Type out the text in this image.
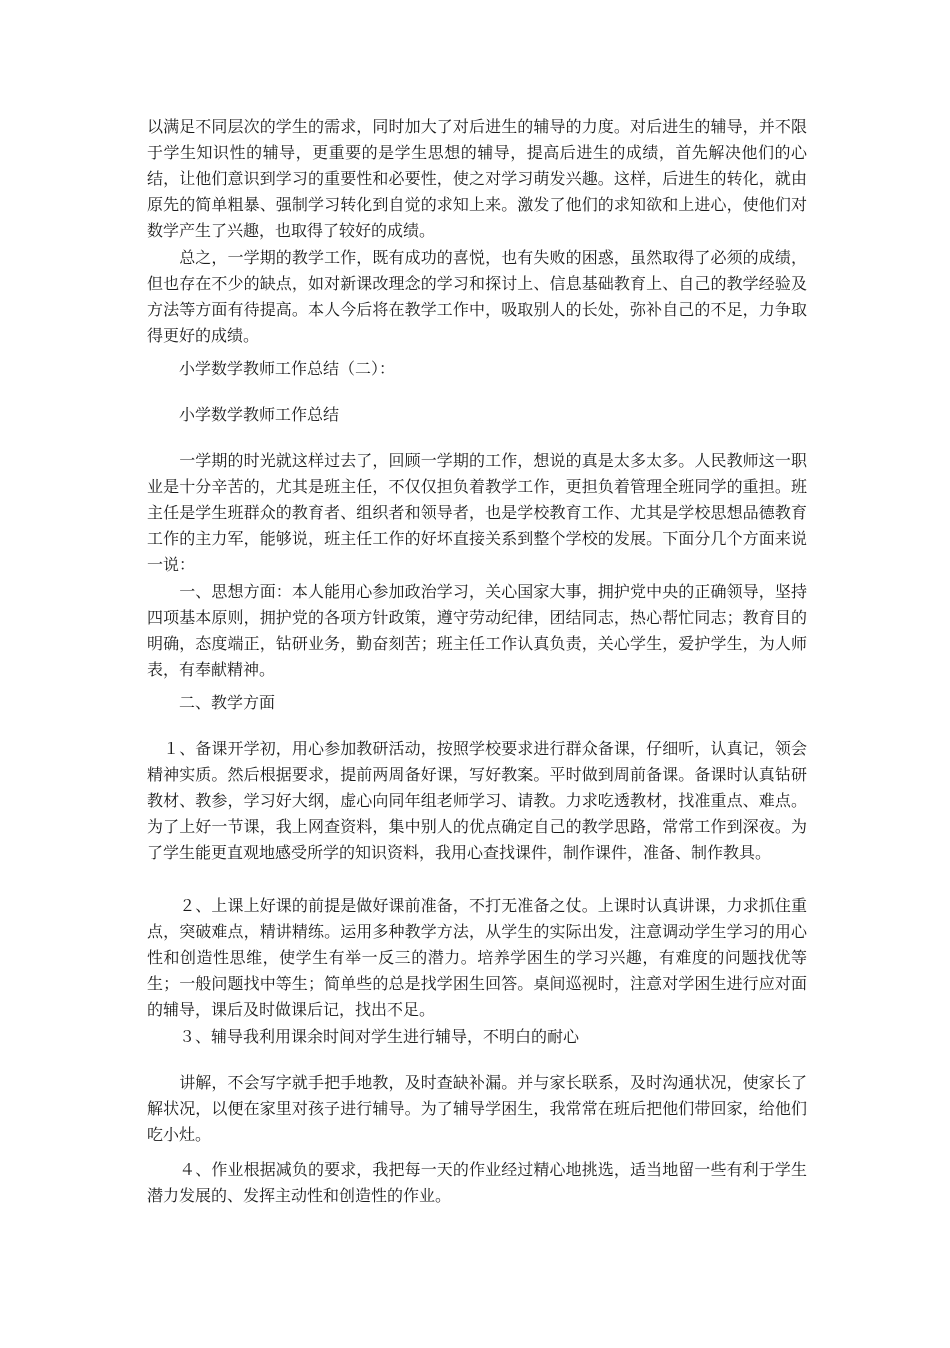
以满足不同层次的学生的需求，同时加大了对后进生的辅导的力度。对后进生的辅导，并不限于学生知识性的辅导，更重要的是学生思想的辅导，提高后进生的成绩，首先解决他们的心结，让他们意识到学习的重要性和必要性，使之对学习萌发兴趣。这样，后进生的转化，就由原先的简单粗暴、强制学习转化到自觉的求知上来。激发了他们的求知欲和上进心，使他们对数学产生了兴趣，也取得了较好的成绩。

　　总之，一学期的教学工作，既有成功的喜悦，也有失败的困惑，虽然取得了必须的成绩，但也存在不少的缺点，如对新课改理念的学习和探讨上、信息基础教育上、自己的教学经验及方法等方面有待提高。本人今后将在教学工作中，吸取别人的长处，弥补自己的不足，力争取得更好的成绩。

　　小学数学教师工作总结（二）：

　　小学数学教师工作总结

　　一学期的时光就这样过去了，回顾一学期的工作，想说的真是太多太多。人民教师这一职业是十分辛苦的，尤其是班主任，不仅仅担负着教学工作，更担负着管理全班同学的重担。班主任是学生班群众的教育者、组织者和领导者，也是学校教育工作、尤其是学校思想品德教育工作的主力军，能够说，班主任工作的好坏直接关系到整个学校的发展。下面分几个方面来说一说：

　　一、思想方面：本人能用心参加政治学习，关心国家大事，拥护党中央的正确领导，坚持四项基本原则，拥护党的各项方针政策，遵守劳动纪律，团结同志，热心帮忙同志；教育目的明确，态度端正，钻研业务，勤奋刻苦；班主任工作认真负责，关心学生，爱护学生，为人师表，有奉献精神。

　　二、教学方面

　１、备课开学初，用心参加教研活动，按照学校要求进行群众备课，仔细听，认真记，领会精神实质。然后根据要求，提前两周备好课，写好教案。平时做到周前备课。备课时认真钻研教材、教参，学习好大纲，虚心向同年组老师学习、请教。力求吃透教材，找准重点、难点。为了上好一节课，我上网查资料，集中别人的优点确定自己的教学思路，常常工作到深夜。为了学生能更直观地感受所学的知识资料，我用心查找课件，制作课件，准备、制作教具。

　　２、上课上好课的前提是做好课前准备，不打无准备之仗。上课时认真讲课，力求抓住重点，突破难点，精讲精练。运用多种教学方法，从学生的实际出发，注意调动学生学习的用心性和创造性思维，使学生有举一反三的潜力。培养学困生的学习兴趣，有难度的问题找优等生；一般问题找中等生；简单些的总是找学困生回答。桌间巡视时，注意对学困生进行应对面的辅导，课后及时做课后记，找出不足。

　　３、辅导我利用课余时间对学生进行辅导，不明白的耐心

　　讲解，不会写字就手把手地教，及时查缺补漏。并与家长联系，及时沟通状况，使家长了解状况，以便在家里对孩子进行辅导。为了辅导学困生，我常常在班后把他们带回家，给他们吃小灶。

　　４、作业根据减负的要求，我把每一天的作业经过精心地挑选，适当地留一些有利于学生潜力发展的、发挥主动性和创造性的作业。
